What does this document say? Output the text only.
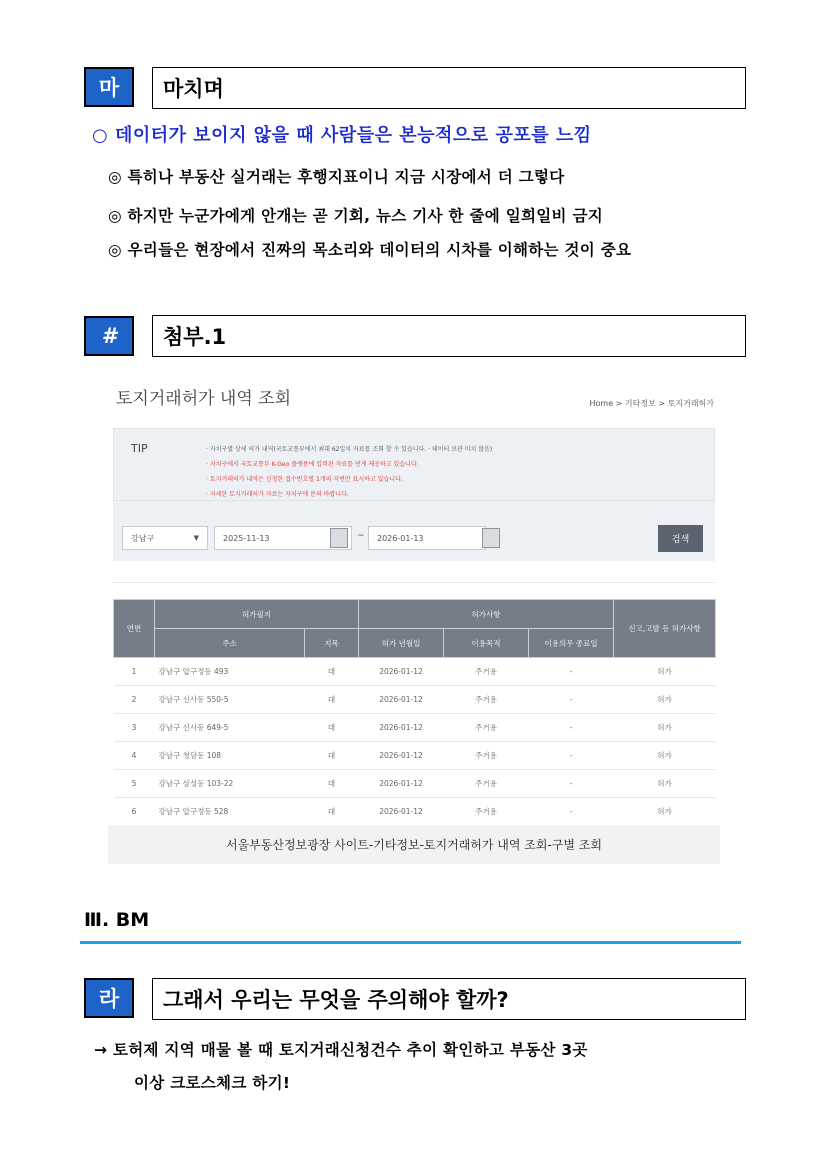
마	마치며
○ 데이터가 보이지 않을 때 사람들은 본능적으로 공포를 느낌
◎ 특히나 부동산 실거래는 후행지표이니 지금 시장에서 더 그렇다
◎ 하지만 누군가에게 안개는 곧 기회, 뉴스 기사 한 줄에 일희일비 금지
◎ 우리들은 현장에서 진짜의 목소리와 데이터의 시차를 이해하는 것이 중요
#	첨부.1
토지거래허가 내역 조회	Home > 기타정보 > 토지거래허가
TIP	· 자치구별 상세 허가 내역(국토교통부에서 최대 62일치 자료를 조회 할 수 있습니다. · 데이터 보관 미치 않음)
· 자치구에서 국토교통부 K-Geo 플랫폼에 입력된 자료를 연계 제공하고 있습니다.
· 토지거래허가 내역은 신청한 접수번호별 1개의 지번만 표시하고 있습니다.
· 자세한 토지거래허가 자료는 자치구에 문의 바랍니다.
강남구	▼	2025-11-13	~ 2026-01-13	검색
연번	허가필지		허가사항			신고,고발 등 허가사항
	주소	지목	허가 년월일	이용목적	이용의무 종료일	
1	강남구 압구정동 493	대	2026-01-12	주거용	-	허가
2	강남구 신사동 550-5	대	2026-01-12	주거용	-	허가
3	강남구 신사동 649-5	대	2026-01-12	주거용	-	허가
4	강남구 청담동 108	대	2026-01-12	주거용	-	허가
5	강남구 삼성동 103-22	대	2026-01-12	주거용	-	허가
6	강남구 압구정동 528	대	2026-01-12	주거용	-	허가
서울부동산정보광장 사이트-기타정보-토지거래허가 내역 조회-구별 조회
Ⅲ. BM
라	그래서 우리는 무엇을 주의해야 할까?
→ 토허제 지역 매물 볼 때 토지거래신청건수 추이 확인하고 부동산 3곳
이상 크로스체크 하기!
